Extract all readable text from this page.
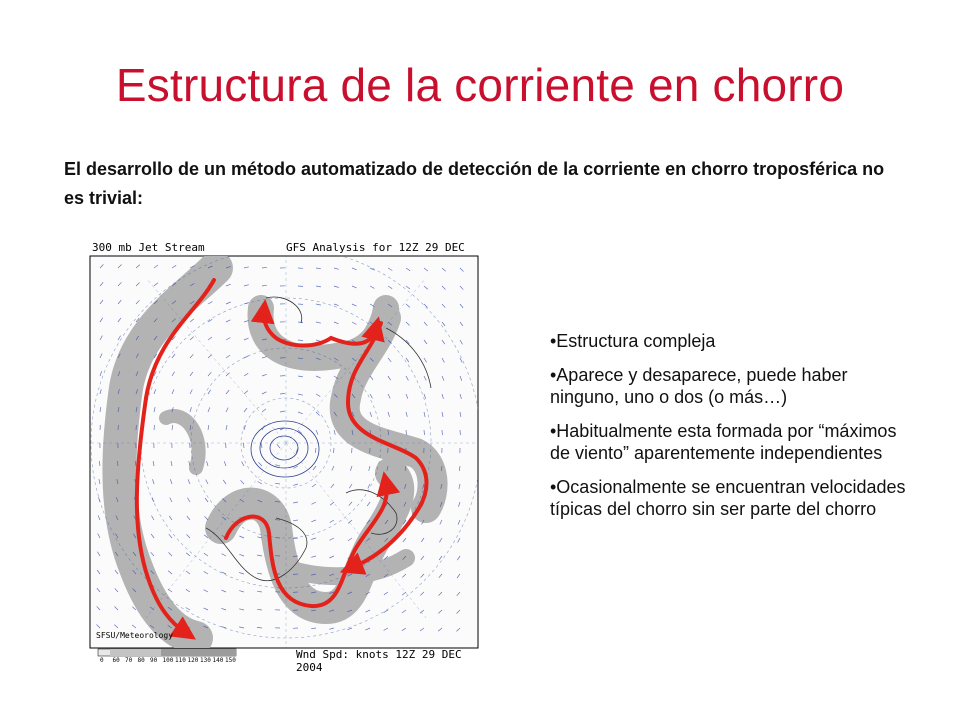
Estructura de la corriente en chorro
El desarrollo de un método automatizado de detección de la corriente en chorro troposférica no es trivial:
300 mb Jet Stream	GFS Analysis for 12Z 29 DEC
SFSU/Meteorology
0 60 70 80 90 100 110 120 130 140 150	Wnd Spd: knots 12Z 29 DEC 2004
•Estructura compleja
•Aparece y desaparece, puede haber ninguno, uno o dos (o más…)
•Habitualmente esta formada por “máximos de viento” aparentemente independientes
•Ocasionalmente se encuentran velocidades típicas del chorro sin ser parte del chorro
